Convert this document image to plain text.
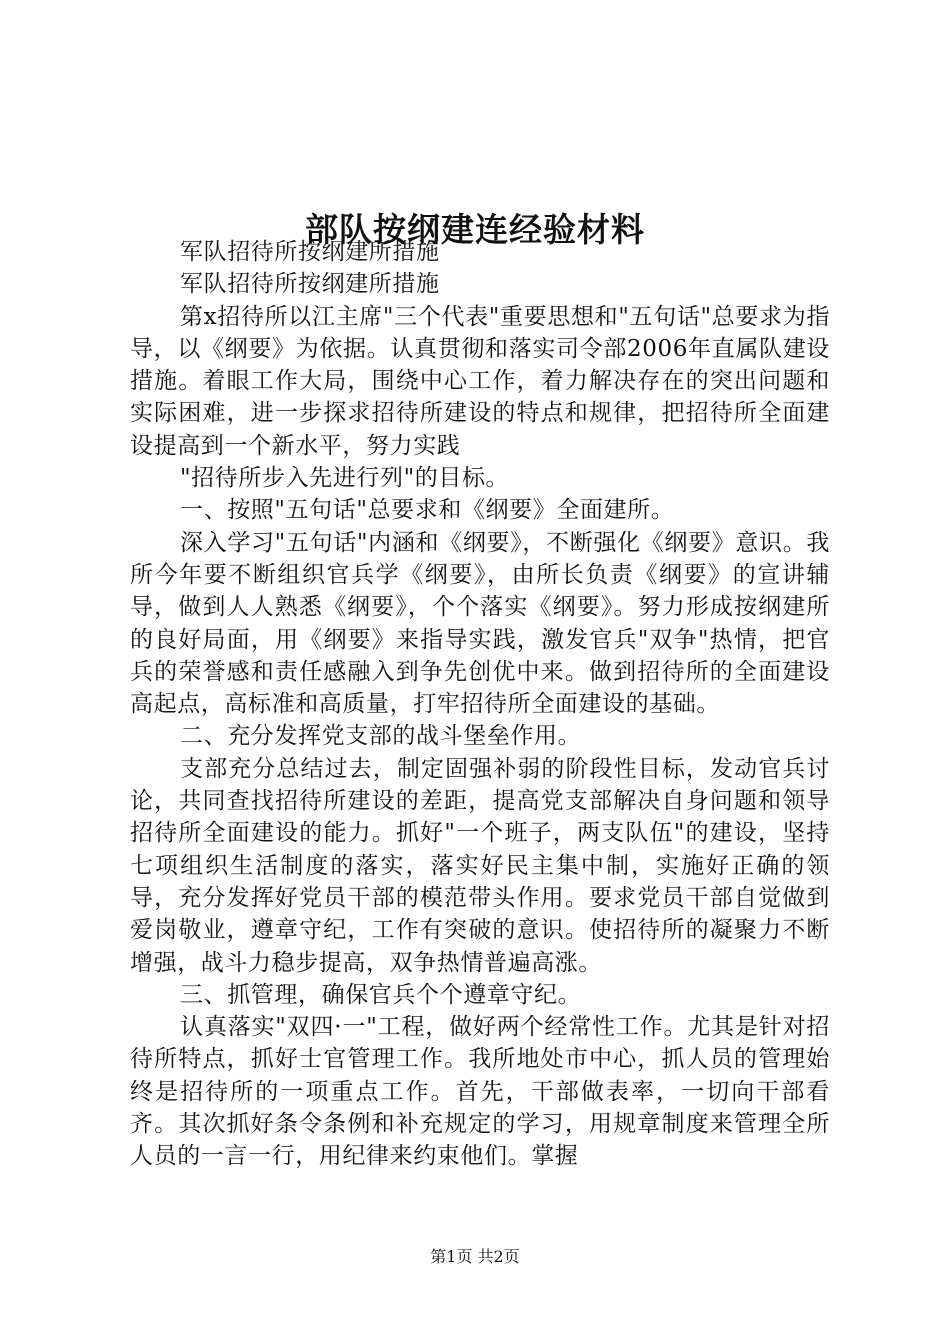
部队按纲建连经验材料

军队招待所按纲建所措施

军队招待所按纲建所措施

第x招待所以江主席"三个代表"重要思想和"五句话"总要求为指导，以《纲要》为依据。认真贯彻和落实司令部2006年直属队建设措施。着眼工作大局，围绕中心工作，着力解决存在的突出问题和实际困难，进一步探求招待所建设的特点和规律，把招待所全面建设提高到一个新水平，努力实践

"招待所步入先进行列"的目标。

一、按照"五句话"总要求和《纲要》全面建所。

深入学习"五句话"内涵和《纲要》，不断强化《纲要》意识。我所今年要不断组织官兵学《纲要》，由所长负责《纲要》的宣讲辅导，做到人人熟悉《纲要》，个个落实《纲要》。努力形成按纲建所的良好局面，用《纲要》来指导实践，激发官兵"双争"热情，把官兵的荣誉感和责任感融入到争先创优中来。做到招待所的全面建设高起点，高标准和高质量，打牢招待所全面建设的基础。

二、充分发挥党支部的战斗堡垒作用。

支部充分总结过去，制定固强补弱的阶段性目标，发动官兵讨论，共同查找招待所建设的差距，提高党支部解决自身问题和领导招待所全面建设的能力。抓好"一个班子，两支队伍"的建设，坚持七项组织生活制度的落实，落实好民主集中制，实施好正确的领导，充分发挥好党员干部的模范带头作用。要求党员干部自觉做到爱岗敬业，遵章守纪，工作有突破的意识。使招待所的凝聚力不断增强，战斗力稳步提高，双争热情普遍高涨。

三、抓管理，确保官兵个个遵章守纪。

认真落实"双四·一"工程，做好两个经常性工作。尤其是针对招待所特点，抓好士官管理工作。我所地处市中心，抓人员的管理始终是招待所的一项重点工作。首先，干部做表率，一切向干部看齐。其次抓好条令条例和补充规定的学习，用规章制度来管理全所人员的一言一行，用纪律来约束他们。掌握

第1页 共2页
